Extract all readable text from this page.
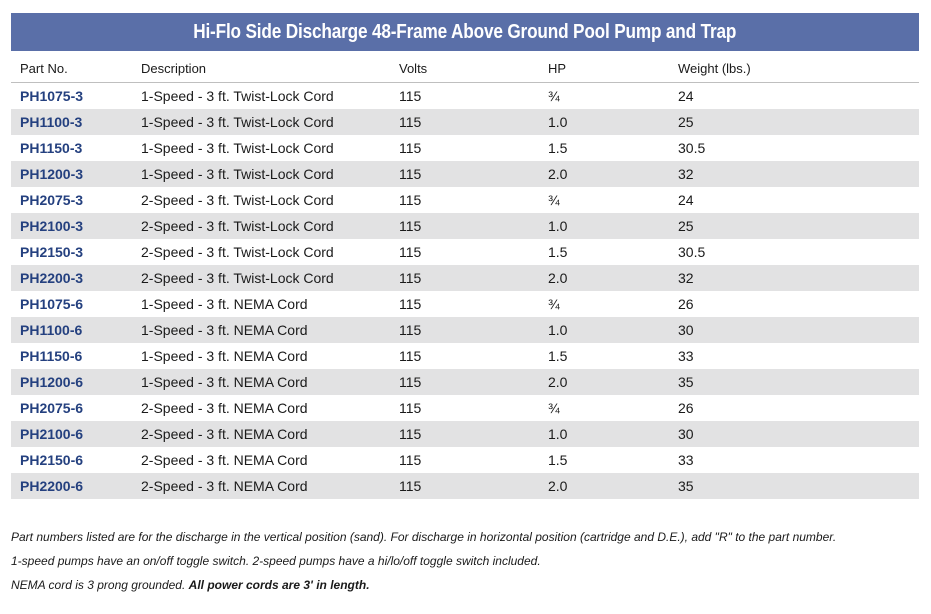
Hi-Flo Side Discharge 48-Frame Above Ground Pool Pump and Trap
Part No.	Description	Volts	HP	Weight (lbs.)
PH1075-3	1-Speed - 3 ft. Twist-Lock Cord	115	¾	24
PH1100-3	1-Speed - 3 ft. Twist-Lock Cord	115	1.0	25
PH1150-3	1-Speed - 3 ft. Twist-Lock Cord	115	1.5	30.5
PH1200-3	1-Speed - 3 ft. Twist-Lock Cord	115	2.0	32
PH2075-3	2-Speed - 3 ft. Twist-Lock Cord	115	¾	24
PH2100-3	2-Speed - 3 ft. Twist-Lock Cord	115	1.0	25
PH2150-3	2-Speed - 3 ft. Twist-Lock Cord	115	1.5	30.5
PH2200-3	2-Speed - 3 ft. Twist-Lock Cord	115	2.0	32
PH1075-6	1-Speed - 3 ft. NEMA Cord	115	¾	26
PH1100-6	1-Speed - 3 ft. NEMA Cord	115	1.0	30
PH1150-6	1-Speed - 3 ft. NEMA Cord	115	1.5	33
PH1200-6	1-Speed - 3 ft. NEMA Cord	115	2.0	35
PH2075-6	2-Speed - 3 ft. NEMA Cord	115	¾	26
PH2100-6	2-Speed - 3 ft. NEMA Cord	115	1.0	30
PH2150-6	2-Speed - 3 ft. NEMA Cord	115	1.5	33
PH2200-6	2-Speed - 3 ft. NEMA Cord	115	2.0	35
Part numbers listed are for the discharge in the vertical position (sand). For discharge in horizontal position (cartridge and D.E.), add "R" to the part number.
1-speed pumps have an on/off toggle switch. 2-speed pumps have a hi/lo/off toggle switch included.
NEMA cord is 3 prong grounded. All power cords are 3' in length.
